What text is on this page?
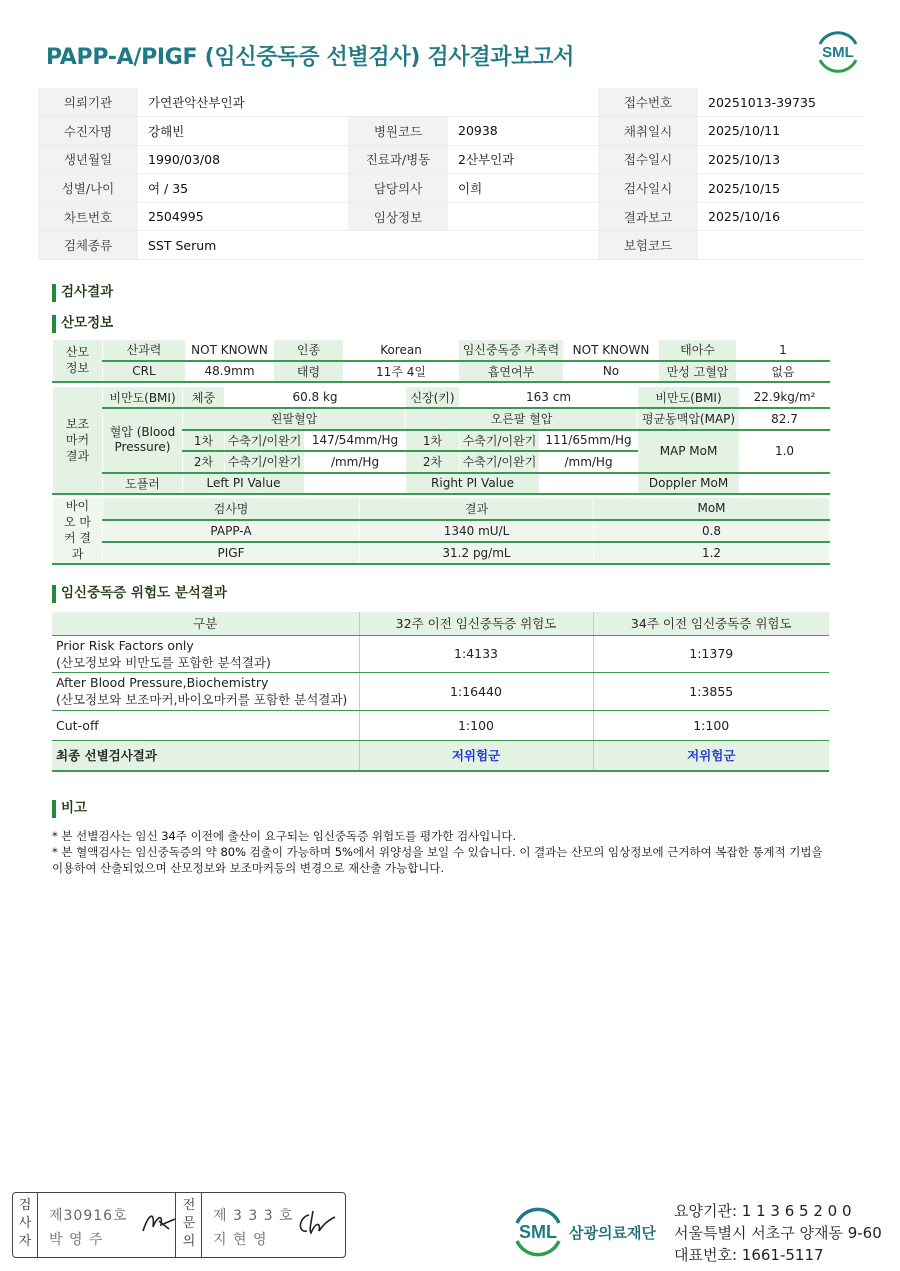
PAPP-A/PIGF (임신중독증 선별검사) 검사결과보고서	SML
의뢰기관	가연관악산부인과			접수번호	20251013-39735
수진자명	강해빈	병원코드	20938	채취일시	2025/10/11
생년월일	1990/03/08	진료과/병동	2산부인과	접수일시	2025/10/13
성별/나이	여 / 35	담당의사	이희	검사일시	2025/10/15
차트번호	2504995	임상정보		결과보고	2025/10/16
검체종류	SST Serum			보험코드	
검사결과
산모정보
산모 정보	산과력	NOT KNOWN	인종	Korean	임신중독증 가족력	NOT KNOWN	태아수	1
	CRL	48.9mm	태령	11주 4일	흡연여부	No	만성 고혈압	없음
보조 마커 결과	비만도(BMI)	체중	60.8 kg		신장(키)	163 cm		비만도(BMI)	22.9kg/m²
	혈압 (Blood Pressure)	왼팔혈압			오른팔 혈압			평균동맥압(MAP)	82.7
		1차	수축기/이완기	147/54mm/Hg	1차	수축기/이완기	111/65mm/Hg	MAP MoM	1.0
		2차	수축기/이완기	/mm/Hg	2차	수축기/이완기	/mm/Hg		
	도플러	Left PI Value			Right PI Value			Doppler MoM	
바이오 마커 결과	검사명	결과	MoM
	PAPP-A	1340 mU/L	0.8
	PIGF	31.2 pg/mL	1.2
임신중독증 위험도 분석결과
구분	32주 이전 임신중독증 위험도	34주 이전 임신중독증 위험도

Prior Risk Factors only
(산모정보와 비만도를 포함한 분석결과)	1:4133	1:1379

After Blood Pressure,Biochemistry
(산모정보와 보조마커,바이오마커를 포함한 분석결과)	1:16440	1:3855
Cut-off	1:100	1:100
최종 선별검사결과	저위험군	저위험군
비고
* 본 선별검사는 임신 34주 이전에 출산이 요구되는 임신중독증 위험도를 평가한 검사입니다.
* 본 혈액검사는 임신중독증의 약 80% 검출이 가능하며 5%에서 위양성을 보일 수 있습니다. 이 결과는 산모의 임상정보에 근거하여 복잡한 통계적 기법을 이용하여 산출되었으며 산모정보와 보조마커등의 변경으로 재산출 가능합니다.
검사자
제30916호
박 영 주
전문의
제 3 3 3 호
지 현 영	SML 삼광의료재단
요양기관: 1 1 3 6 5 2 0 0
서울특별시 서초구 양재동 9-60
대표번호: 1661-5117
